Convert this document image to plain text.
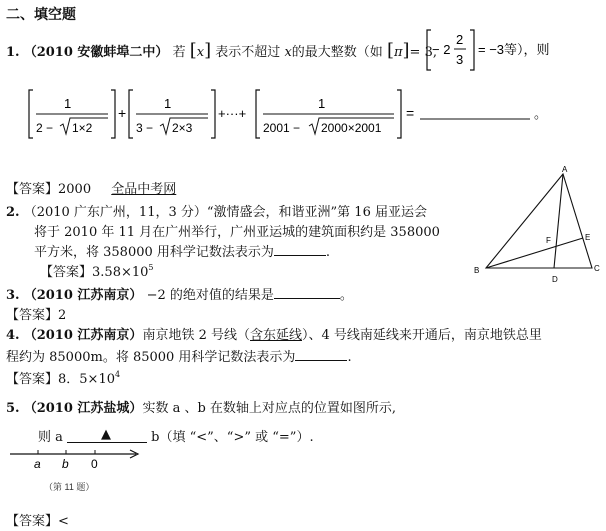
二、填空题
1. （2010 安徽蚌埠二中） 若 [x] 表示不超过 x的最大整数（如 [π]= 3,
− 2
2
3
= −3等），则
1
2 − 1×2
+
1
3 − 2×3
+···+
1
2001 − 2000×2001
=	。
【答案】2000 全品中考网
2. （2010 广东广州，11，3 分）“激情盛会，和谐亚洲”第 16 届亚运会
将于 2010 年 11 月在广州举行，广州亚运城的建筑面积约是 358000
平方米，将 358000 用科学记数法表示为	.
【答案】$3.58\times 10^5$
3. （2010 江苏南京） −2 的绝对值的结果是	。
【答案】2
4. （2010 江苏南京）南京地铁 2 号线（含东延线）、4 号线南延线来开通后，南京地铁总里
程约为 85000m。将 85000 用科学记数法表示为	.
【答案】8．$5\times 10^4$
5. （2010 江苏盐城）实数 a 、b 在数轴上对应点的位置如图所示,
则 a	▲	b（填 “<”、“>” 或 “=”）.
a b 0
（第 11 题）
【答案】<
A
B	C
D
E
F
